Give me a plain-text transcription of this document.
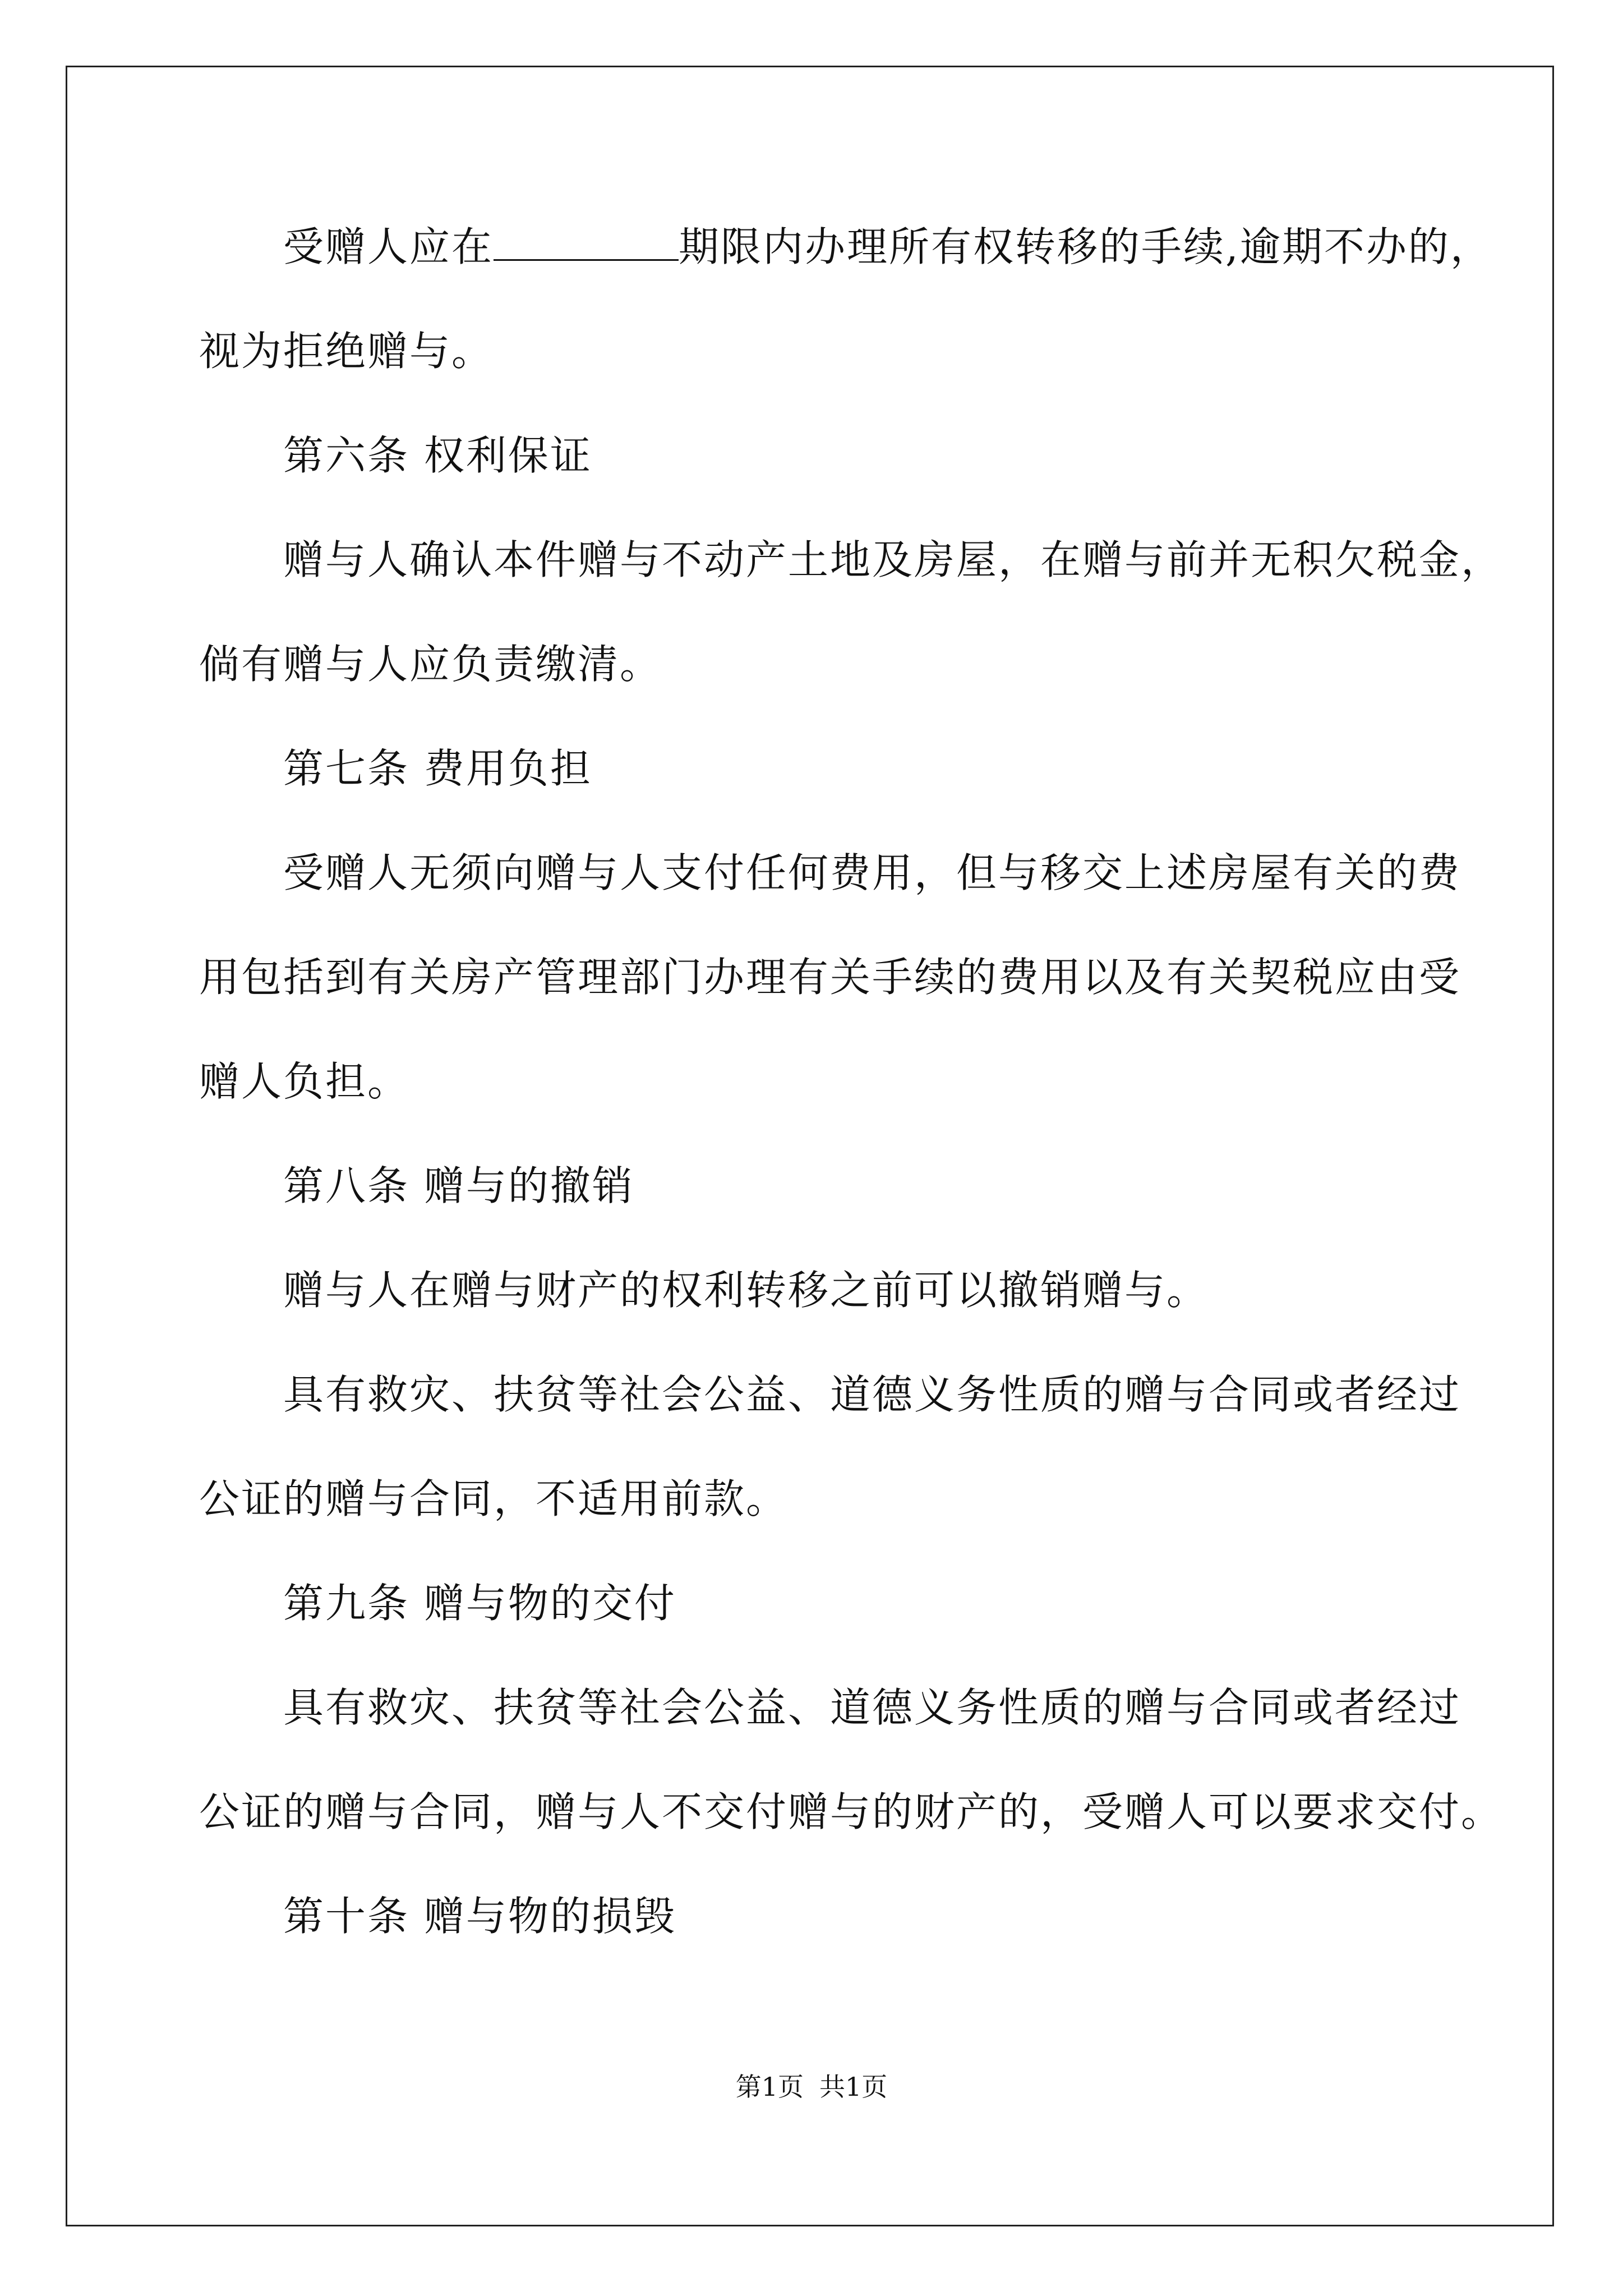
受赠人应在	期限内办理所有权转移的手续,逾期不办的，
视为拒绝赠与。
第六条 权利保证
赠与人确认本件赠与不动产土地及房屋，在赠与前并无积欠税金，
倘有赠与人应负责缴清。
第七条 费用负担
受赠人无须向赠与人支付任何费用，但与移交上述房屋有关的费
用包括到有关房产管理部门办理有关手续的费用以及有关契税应由受
赠人负担。
第八条 赠与的撤销
赠与人在赠与财产的权利转移之前可以撤销赠与。
具有救灾、扶贫等社会公益、道德义务性质的赠与合同或者经过
公证的赠与合同，不适用前款。
第九条 赠与物的交付
具有救灾、扶贫等社会公益、道德义务性质的赠与合同或者经过
公证的赠与合同，赠与人不交付赠与的财产的，受赠人可以要求交付。
第十条 赠与物的损毁
第1页 共1页
